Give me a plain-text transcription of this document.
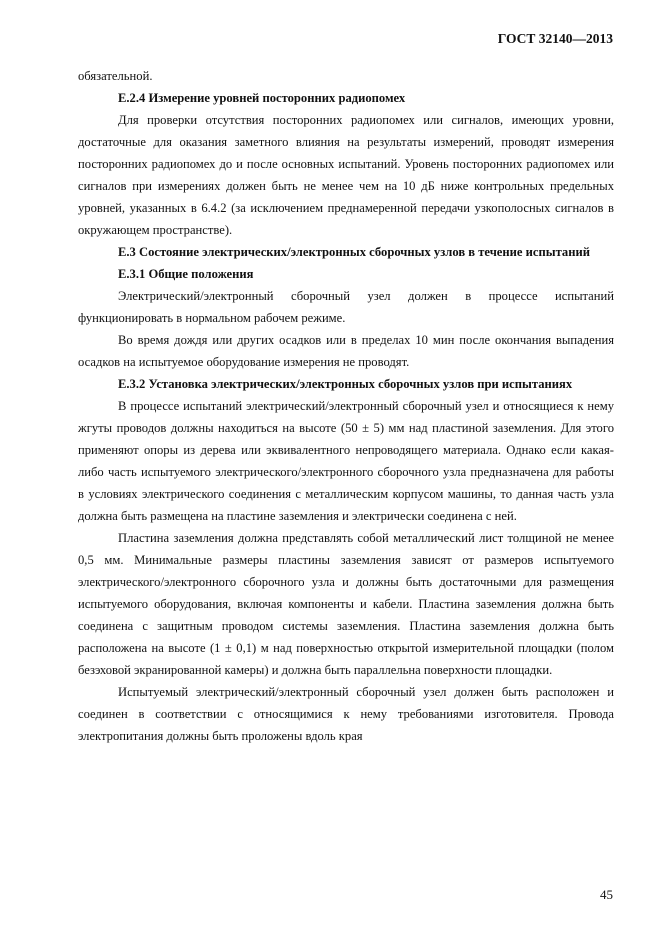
ГОСТ 32140—2013

обязательной.

Е.2.4 Измерение уровней посторонних радиопомех

Для проверки отсутствия посторонних радиопомех или сигналов, имеющих уровни, достаточные для оказания заметного влияния на результаты измерений, проводят измерения посторонних радиопомех до и после основных испытаний. Уровень посторонних радиопомех или сигналов при измерениях должен быть не менее чем на 10 дБ ниже контрольных предельных уровней, указанных в 6.4.2 (за исключением преднамеренной передачи узкополосных сигналов в окружающем пространстве).

Е.3 Состояние электрических/электронных сборочных узлов в течение испытаний

Е.3.1 Общие положения

Электрический/электронный сборочный узел должен в процессе испытаний функционировать в нормальном рабочем режиме.

Во время дождя или других осадков или в пределах 10 мин после окончания выпадения осадков на испытуемое оборудование измерения не проводят.

Е.3.2 Установка электрических/электронных сборочных узлов при испытаниях

В процессе испытаний электрический/электронный сборочный узел и относящиеся к нему жгуты проводов должны находиться на высоте (50 ± 5) мм над пластиной заземления. Для этого применяют опоры из дерева или эквивалентного непроводящего материала. Однако если какая-либо часть испытуемого электрического/электронного сборочного узла предназначена для работы в условиях электрического соединения с металлическим корпусом машины, то данная часть узла должна быть размещена на пластине заземления и электрически соединена с ней.

Пластина заземления должна представлять собой металлический лист толщиной не менее 0,5 мм. Минимальные размеры пластины заземления зависят от размеров испытуемого электрического/электронного сборочного узла и должны быть достаточными для размещения испытуемого оборудования, включая компоненты и кабели. Пластина заземления должна быть соединена с защитным проводом системы заземления. Пластина заземления должна быть расположена на высоте (1 ± 0,1) м над поверхностью открытой измерительной площадки (полом безэховой экранированной камеры) и должна быть параллельна поверхности площадки.

Испытуемый электрический/электронный сборочный узел должен быть расположен и соединен в соответствии с относящимися к нему требованиями изготовителя. Провода электропитания должны быть проложены вдоль края

45
